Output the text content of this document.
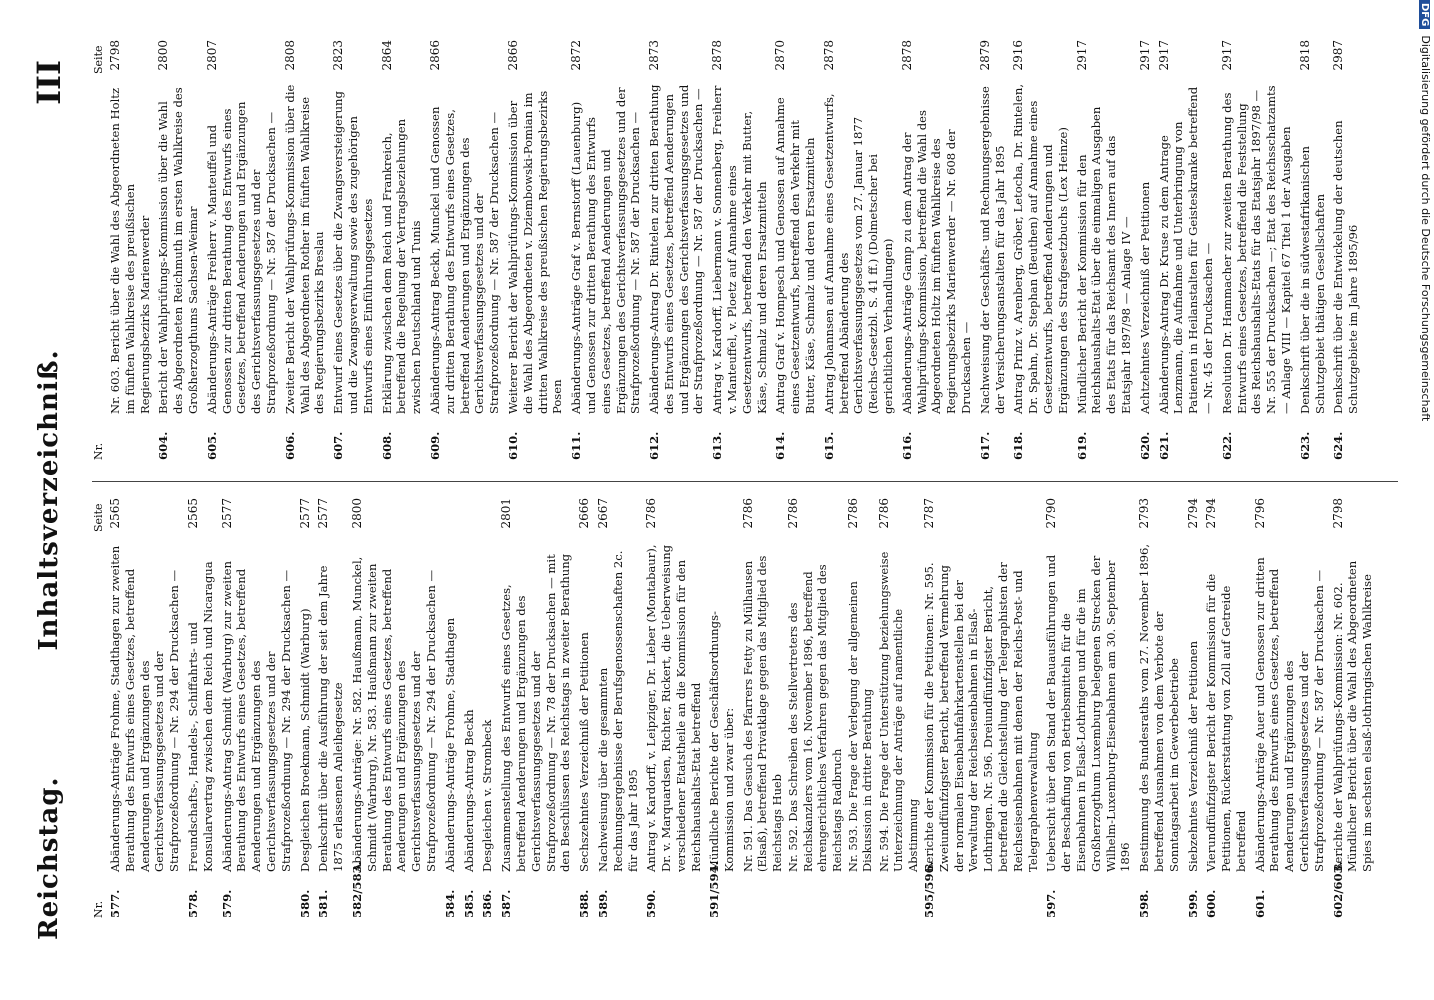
Reichstag.
Inhaltsverzeichniß.
III
Nr.
Seite
Nr.
Seite
577.
Abänderungs-Anträge Frohme, Stadthagen zur zweiten Berathung des Entwurfs eines Gesetzes, betreffend Aenderungen und Ergänzungen des Gerichtsverfassungsgesetzes und der Strafprozeßordnung — Nr. 294 der Drucksachen —
2565
578.
Freundschafts-, Handels-, Schiffahrts- und Konsularvertrag zwischen dem Reich und Nicaragua
2565
579.
Abänderungs-Antrag Schmidt (Warburg) zur zweiten Berathung des Entwurfs eines Gesetzes, betreffend Aenderungen und Ergänzungen des Gerichtsverfassungsgesetzes und der Strafprozeßordnung — Nr. 294 der Drucksachen —
2577
580.
Desgleichen Broekmann, Schmidt (Warburg)
2577
581.
Denkschrift über die Ausführung der seit dem Jahre 1875 erlassenen Anleihegesetze
2577
582/583.
Abänderungs-Anträge: Nr. 582. Haußmann, Munckel, Schmidt (Warburg), Nr. 583. Haußmann zur zweiten Berathung des Entwurfs eines Gesetzes, betreffend Aenderungen und Ergänzungen des Gerichtsverfassungsgesetzes und der Strafprozeßordnung — Nr. 294 der Drucksachen —
2800
584.
Abänderungs-Anträge Frohme, Stadthagen
585.
Abänderungs-Antrag Beckh
586.
Desgleichen v. Strombeck
587.
Zusammenstellung des Entwurfs eines Gesetzes, betreffend Aenderungen und Ergänzungen des Gerichtsverfassungsgesetzes und der Strafprozeßordnung — Nr. 78 der Drucksachen — mit den Beschlüssen des Reichstags in zweiter Berathung
2801
588.
Sechszehntes Verzeichniß der Petitionen
2666
589.
Nachweisung über die gesammten Rechnungsergebnisse der Berufsgenossenschaften 2c. für das Jahr 1895
2667
590.
Antrag v. Kardorff, v. Leipziger, Dr. Lieber (Montabaur), Dr. v. Marquardsen, Richter, Rickert, die Ueberweisung verschiedener Etatstheile an die Kommission für den Reichshaushalts-Etat betreffend
2786
591/594.
Mündliche Berichte der Geschäftsordnungs-Kommission und zwar über: Nr. 591. Das Gesuch des Pfarrers Fetty zu Mülhausen (Elsaß), betreffend Privatklage gegen das Mitglied des Reichstags Hueb
2786
Nr. 592. Das Schreiben des Stellvertreters des Reichskanzlers vom 16. November 1896, betreffend ehrengerichtliches Verfahren gegen das Mitglied des Reichstags Radbruch
2786
Nr. 593. Die Frage der Verlegung der allgemeinen Diskussion in dritter Berathung
2786
Nr. 594. Die Frage der Unterstützung beziehungsweise Unterzeichnung der Anträge auf namentliche Abstimmung
2786
595/596.
Berichte der Kommission für die Petitionen: Nr. 595. Zweiundfünfzigster Bericht, betreffend Vermehrung der normalen Eisenbahnfahrkartenstellen bei der Verwaltung der Reichseisenbahnen in Elsaß-Lothringen. Nr. 596. Dreiundfünfzigster Bericht, betreffend die Gleichstellung der Telegraphisten der Reichseisenbahnen mit denen der Reichs-Post- und Telegraphenverwaltung
2787
597.
Uebersicht über den Stand der Bauausführungen und der Beschaffung von Betriebsmitteln für die Eisenbahnen in Elsaß-Lothringen und für die im Großherzogthum Luxemburg belegenen Strecken der Wilhelm-Luxemburg-Eisenbahnen am 30. September 1896
2790
598.
Bestimmung des Bundesraths vom 27. November 1896, betreffend Ausnahmen von dem Verbote der Sonntagsarbeit im Gewerbebetriebe
2793
599.
Siebzehntes Verzeichniß der Petitionen
2794
600.
Vierundfünfzigster Bericht der Kommission für die Petitionen, Rückerstattung von Zoll auf Getreide betreffend
2794
601.
Abänderungs-Anträge Auer und Genossen zur dritten Berathung des Entwurfs eines Gesetzes, betreffend Aenderungen und Ergänzungen des Gerichtsverfassungsgesetzes und der Strafprozeßordnung — Nr. 587 der Drucksachen —
2796
602/603.
Berichte der Wahlprüfungs-Kommission: Nr. 602. Mündlicher Bericht über die Wahl des Abgeordneten Spies im sechsten elsaß-lothringischen Wahlkreise
2798
Nr. 603. Bericht über die Wahl des Abgeordneten Holtz im fünften Wahlkreise des preußischen Regierungsbezirks Marienwerder
2798
604.
Bericht der Wahlprüfungs-Kommission über die Wahl des Abgeordneten Reichmuth im ersten Wahlkreise des Großherzogthums Sachsen-Weimar
2800
605.
Abänderungs-Anträge Freiherr v. Manteuffel und Genossen zur dritten Berathung des Entwurfs eines Gesetzes, betreffend Aenderungen und Ergänzungen des Gerichtsverfassungsgesetzes und der Strafprozeßordnung — Nr. 587 der Drucksachen —
2807
606.
Zweiter Bericht der Wahlprüfungs-Kommission über die Wahl des Abgeordneten Rother im fünften Wahlkreise des Regierungsbezirks Breslau
2808
607.
Entwurf eines Gesetzes über die Zwangsversteigerung und die Zwangsverwaltung sowie des zugehörigen Entwurfs eines Einführungsgesetzes
2823
608.
Erklärung zwischen dem Reich und Frankreich, betreffend die Regelung der Vertragsbeziehungen zwischen Deutschland und Tunis
2864
609.
Abänderungs-Antrag Beckh, Munckel und Genossen zur dritten Berathung des Entwurfs eines Gesetzes, betreffend Aenderungen und Ergänzungen des Gerichtsverfassungsgesetzes und der Strafprozeßordnung — Nr. 587 der Drucksachen —
2866
610.
Weiterer Bericht der Wahlprüfungs-Kommission über die Wahl des Abgeordneten v. Dziembowski-Pomian im dritten Wahlkreise des preußischen Regierungsbezirks Posen
2866
611.
Abänderungs-Anträge Graf v. Bernstorff (Lauenburg) und Genossen zur dritten Berathung des Entwurfs eines Gesetzes, betreffend Aenderungen und Ergänzungen des Gerichtsverfassungsgesetzes und der Strafprozeßordnung — Nr. 587 der Drucksachen —
2872
612.
Abänderungs-Antrag Dr. Rintelen zur dritten Berathung des Entwurfs eines Gesetzes, betreffend Aenderungen und Ergänzungen des Gerichtsverfassungsgesetzes und der Strafprozeßordnung — Nr. 587 der Drucksachen —
2873
613.
Antrag v. Kardorff, Liebermann v. Sonnenberg, Freiherr v. Manteuffel, v. Ploetz auf Annahme eines Gesetzentwurfs, betreffend den Verkehr mit Butter, Käse, Schmalz und deren Ersatzmitteln
2878
614.
Antrag Graf v. Hompesch und Genossen auf Annahme eines Gesetzentwurfs, betreffend den Verkehr mit Butter, Käse, Schmalz und deren Ersatzmitteln
2870
615.
Antrag Johannsen auf Annahme eines Gesetzentwurfs, betreffend Abänderung des Gerichtsverfassungsgesetzes vom 27. Januar 1877 (Reichs-Gesetzbl. S. 41 ff.) (Dolmetscher bei gerichtlichen Verhandlungen)
2878
616.
Abänderungs-Anträge Gamp zu dem Antrag der Wahlprüfungs-Kommission, betreffend die Wahl des Abgeordneten Holtz im fünften Wahlkreise des Regierungsbezirks Marienwerder — Nr. 608 der Drucksachen —
2878
617.
Nachweisung der Geschäfts- und Rechnungsergebnisse der Versicherungsanstalten für das Jahr 1895
2879
618.
Antrag Prinz v. Arenberg, Gröber, Letocha, Dr. Rintelen, Dr. Spahn, Dr. Stephan (Beuthen) auf Annahme eines Gesetzentwurfs, betreffend Aenderungen und Ergänzungen des Strafgesetzbuchs (Lex Heinze)
2916
619.
Mündlicher Bericht der Kommission für den Reichshaushalts-Etat über die einmaligen Ausgaben des Etats für das Reichsamt des Innern auf das Etatsjahr 1897/98 — Anlage IV —
2917
620.
Achtzehntes Verzeichniß der Petitionen
2917
621.
Abänderungs-Antrag Dr. Kruse zu dem Antrage Lenzmann, die Aufnahme und Unterbringung von Patienten in Heilanstalten für Geisteskranke betreffend — Nr. 45 der Drucksachen —
2917
622.
Resolution Dr. Hammacher zur zweiten Berathung des Entwurfs eines Gesetzes, betreffend die Feststellung des Reichshaushalts-Etats für das Etatsjahr 1897/98 — Nr. 555 der Drucksachen —; Etat des Reichsschatzamts — Anlage VIII — Kapitel 67 Titel 1 der Ausgaben
2917
623.
Denkschrift über die in südwestafrikanischen Schutzgebiet thätigen Gesellschaften
2818
624.
Denkschrift über die Entwickelung der deutschen Schutzgebiete im Jahre 1895/96
2987
DFGDigitalisierung gefördert durch die Deutsche Forschungsgemeinschaft
